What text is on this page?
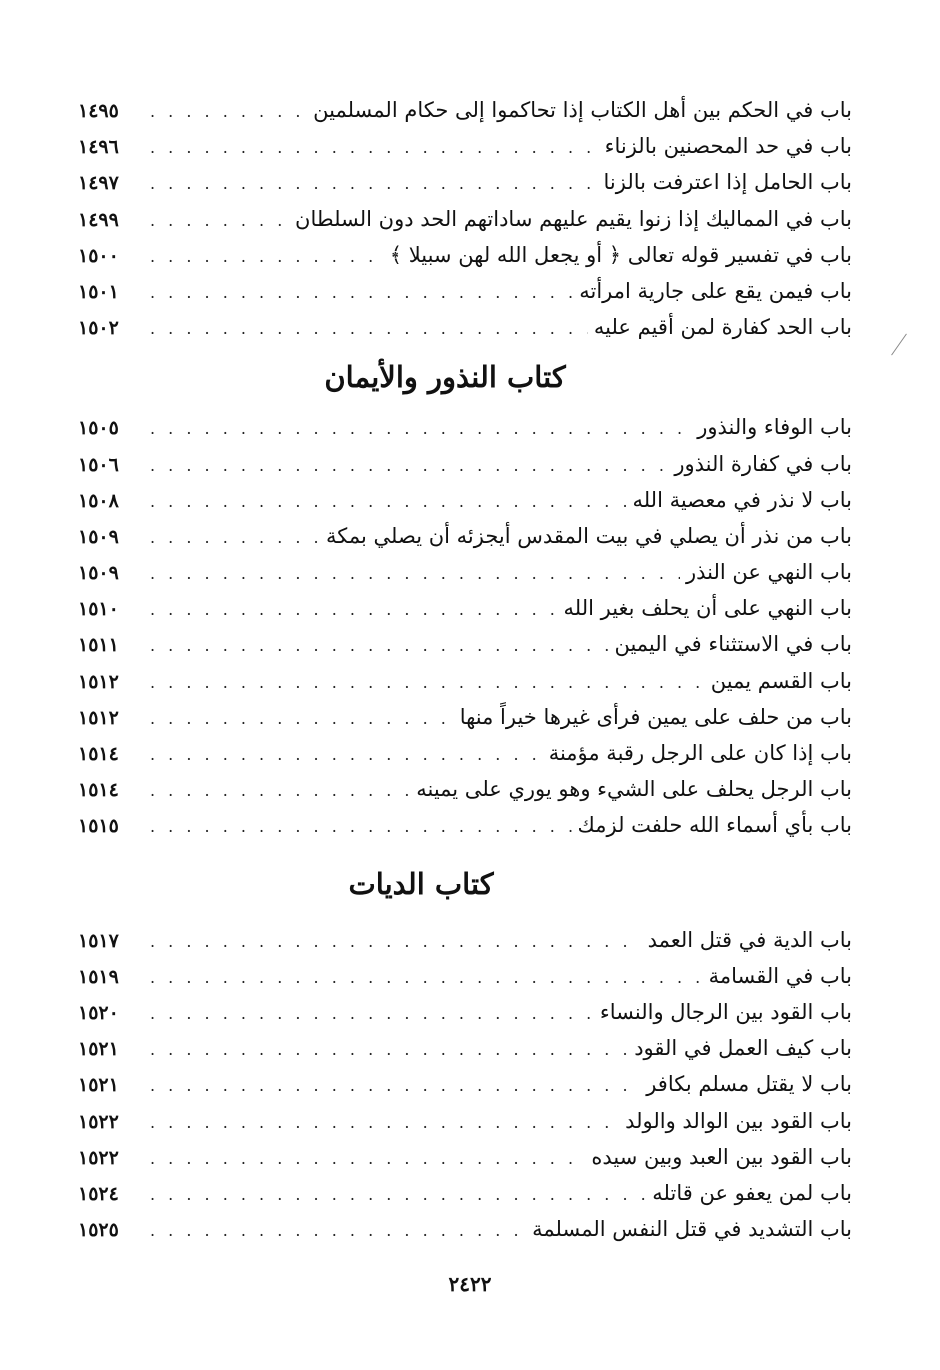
باب في الحكم بين أهل الكتاب إذا تحاكموا إلى حكام المسلمين
. . .
١٤٩٥
باب في حد المحصنين بالزناء
. . .
١٤٩٦
باب الحامل إذا اعترفت بالزنا
. . .
١٤٩٧
باب في المماليك إذا زنوا يقيم عليهم ساداتهم الحد دون السلطان
. . .
١٤٩٩
باب في تفسير قوله تعالى ﴿ أو يجعل الله لهن سبيلا ﴾
. . .
١٥٠٠
باب فيمن يقع على جارية امرأته
. . .
١٥٠١
باب الحد كفارة لمن أقيم عليه
. . .
١٥٠٢
كتاب النذور والأيمان
باب الوفاء والنذور
. . .
١٥٠٥
باب في كفارة النذور
. . .
١٥٠٦
باب لا نذر في معصية الله
. . .
١٥٠٨
باب من نذر أن يصلي في بيت المقدس أيجزئه أن يصلي بمكة
. . .
١٥٠٩
باب النهي عن النذر
. . .
١٥٠٩
باب النهي على أن يحلف بغير الله
. . .
١٥١٠
باب في الاستثناء في اليمين
. . .
١٥١١
باب القسم يمين
. . .
١٥١٢
باب من حلف على يمين فرأى غيرها خيراً منها
. . .
١٥١٢
باب إذا كان على الرجل رقبة مؤمنة
. . .
١٥١٤
باب الرجل يحلف على الشيء وهو يوري على يمينه
. . .
١٥١٤
باب بأي أسماء الله حلفت لزمك
. . .
١٥١٥
كتاب الديات
باب الدية في قتل العمد
. . .
١٥١٧
باب في القسامة
. . .
١٥١٩
باب القود بين الرجال والنساء
. . .
١٥٢٠
باب كيف العمل في القود
. . .
١٥٢١
باب لا يقتل مسلم بكافر
. . .
١٥٢١
باب القود بين الوالد والولد
. . .
١٥٢٢
باب القود بين العبد وبين سيده
. . .
١٥٢٢
باب لمن يعفو عن قاتله
. . .
١٥٢٤
باب التشديد في قتل النفس المسلمة
. . .
١٥٢٥
٢٤٢٢
